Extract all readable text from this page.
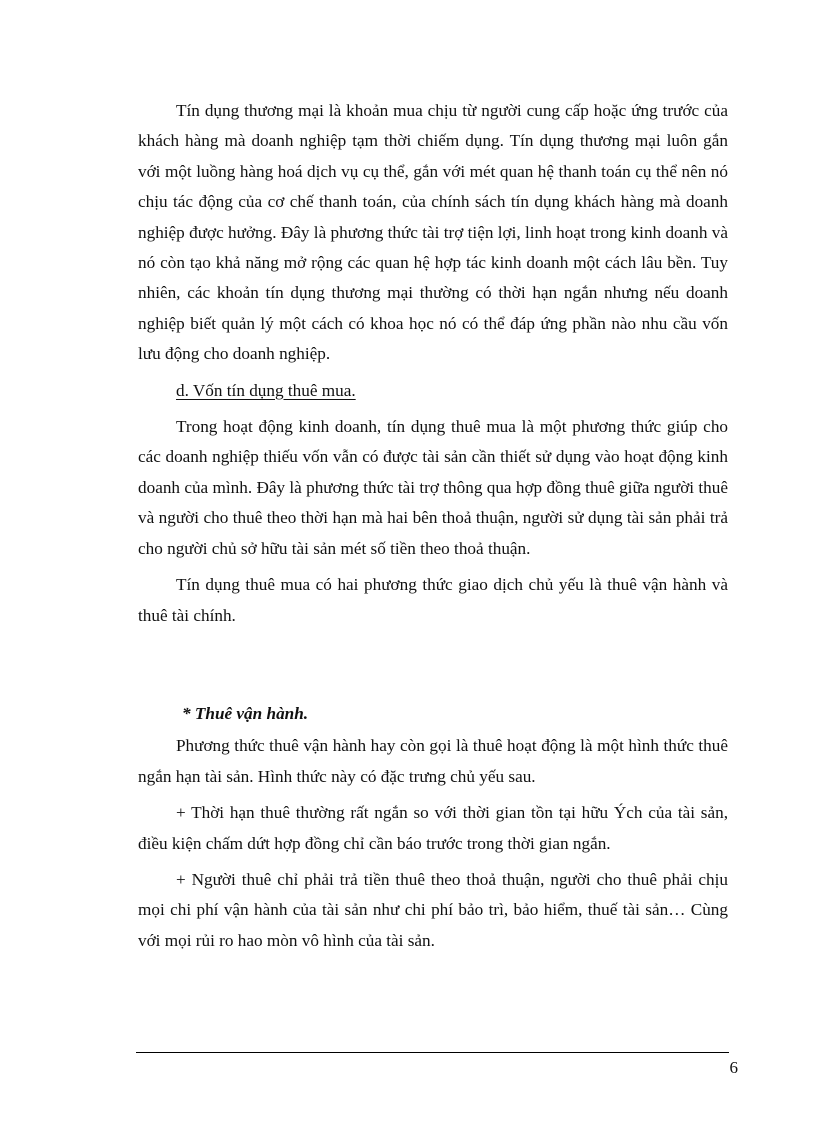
Tín dụng thương mại là khoản mua chịu từ người cung cấp hoặc ứng trước của khách hàng mà doanh nghiệp tạm thời chiếm dụng. Tín dụng thương mại luôn gắn với một luồng hàng hoá dịch vụ cụ thể, gắn với mét quan hệ thanh toán cụ thể nên nó chịu tác động của cơ chế thanh toán, của chính sách tín dụng khách hàng mà doanh nghiệp được hưởng. Đây là phương thức tài trợ tiện lợi, linh hoạt trong kinh doanh và nó còn tạo khả năng mở rộng các quan hệ hợp tác kinh doanh một cách lâu bền. Tuy nhiên, các khoản tín dụng thương mại thường có thời hạn ngắn nhưng nếu doanh nghiệp biết quản lý một cách có khoa học nó có thể đáp ứng phần nào nhu cầu vốn lưu động cho doanh nghiệp.

d. Vốn tín dụng thuê mua.

Trong hoạt động kinh doanh, tín dụng thuê mua là một phương thức giúp cho các doanh nghiệp thiếu vốn vẫn có được tài sản cần thiết sử dụng vào hoạt động kinh doanh của mình. Đây là phương thức tài trợ thông qua hợp đồng thuê giữa người thuê và người cho thuê theo thời hạn mà hai bên thoả thuận, người sử dụng tài sản phải trả cho người chủ sở hữu tài sản mét số tiền theo thoả thuận.

Tín dụng thuê mua có hai phương thức giao dịch chủ yếu là thuê vận hành và thuê tài chính.

* Thuê vận hành.

Phương thức thuê vận hành hay còn gọi là thuê hoạt động là một hình thức thuê ngắn hạn tài sản. Hình thức này có đặc trưng chủ yếu sau.

+ Thời hạn thuê thường rất ngắn so với thời gian tồn tại hữu Ých của tài sản, điều kiện chấm dứt hợp đồng chỉ cần báo trước trong thời gian ngắn.

+ Người thuê chỉ phải trả tiền thuê theo thoả thuận, người cho thuê phải chịu mọi chi phí vận hành của tài sản như chi phí bảo trì, bảo hiểm, thuế tài sản… Cùng với mọi rủi ro hao mòn vô hình của tài sản.

6
